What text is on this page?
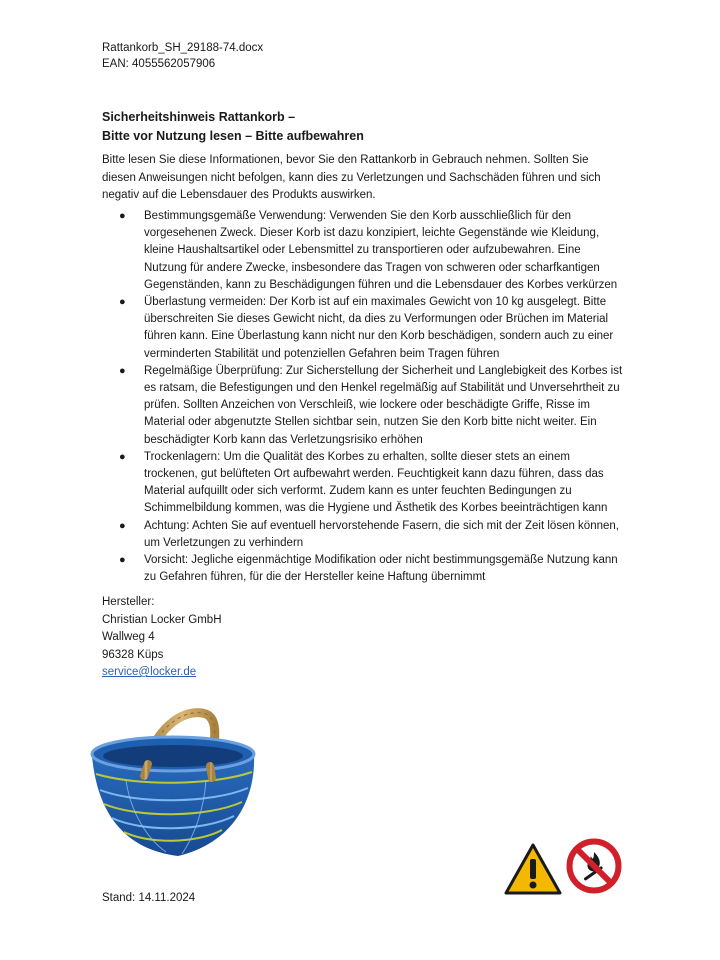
Rattankorb_SH_29188-74.docx
EAN: 4055562057906
Sicherheitshinweis Rattankorb –
Bitte vor Nutzung lesen – Bitte aufbewahren
Bitte lesen Sie diese Informationen, bevor Sie den Rattankorb in Gebrauch nehmen. Sollten Sie diesen Anweisungen nicht befolgen, kann dies zu Verletzungen und Sachschäden führen und sich negativ auf die Lebensdauer des Produkts auswirken.
● Bestimmungsgemäße Verwendung: Verwenden Sie den Korb ausschließlich für den vorgesehenen Zweck. Dieser Korb ist dazu konzipiert, leichte Gegenstände wie Kleidung, kleine Haushaltsartikel oder Lebensmittel zu transportieren oder aufzubewahren. Eine Nutzung für andere Zwecke, insbesondere das Tragen von schweren oder scharfkantigen Gegenständen, kann zu Beschädigungen führen und die Lebensdauer des Korbes verkürzen
● Überlastung vermeiden: Der Korb ist auf ein maximales Gewicht von 10 kg ausgelegt. Bitte überschreiten Sie dieses Gewicht nicht, da dies zu Verformungen oder Brüchen im Material führen kann. Eine Überlastung kann nicht nur den Korb beschädigen, sondern auch zu einer verminderten Stabilität und potenziellen Gefahren beim Tragen führen
● Regelmäßige Überprüfung: Zur Sicherstellung der Sicherheit und Langlebigkeit des Korbes ist es ratsam, die Befestigungen und den Henkel regelmäßig auf Stabilität und Unversehrtheit zu prüfen. Sollten Anzeichen von Verschleiß, wie lockere oder beschädigte Griffe, Risse im Material oder abgenutzte Stellen sichtbar sein, nutzen Sie den Korb bitte nicht weiter. Ein beschädigter Korb kann das Verletzungsrisiko erhöhen
● Trockenlagern: Um die Qualität des Korbes zu erhalten, sollte dieser stets an einem trockenen, gut belüfteten Ort aufbewahrt werden. Feuchtigkeit kann dazu führen, dass das Material aufquillt oder sich verformt. Zudem kann es unter feuchten Bedingungen zu Schimmelbildung kommen, was die Hygiene und Ästhetik des Korbes beeinträchtigen kann
● Achtung: Achten Sie auf eventuell hervorstehende Fasern, die sich mit der Zeit lösen können, um Verletzungen zu verhindern
● Vorsicht: Jegliche eigenmächtige Modifikation oder nicht bestimmungsgemäße Nutzung kann zu Gefahren führen, für die der Hersteller keine Haftung übernimmt
Hersteller:
Christian Locker GmbH
Wallweg 4
96328 Küps
service@locker.de
Stand: 14.11.2024
